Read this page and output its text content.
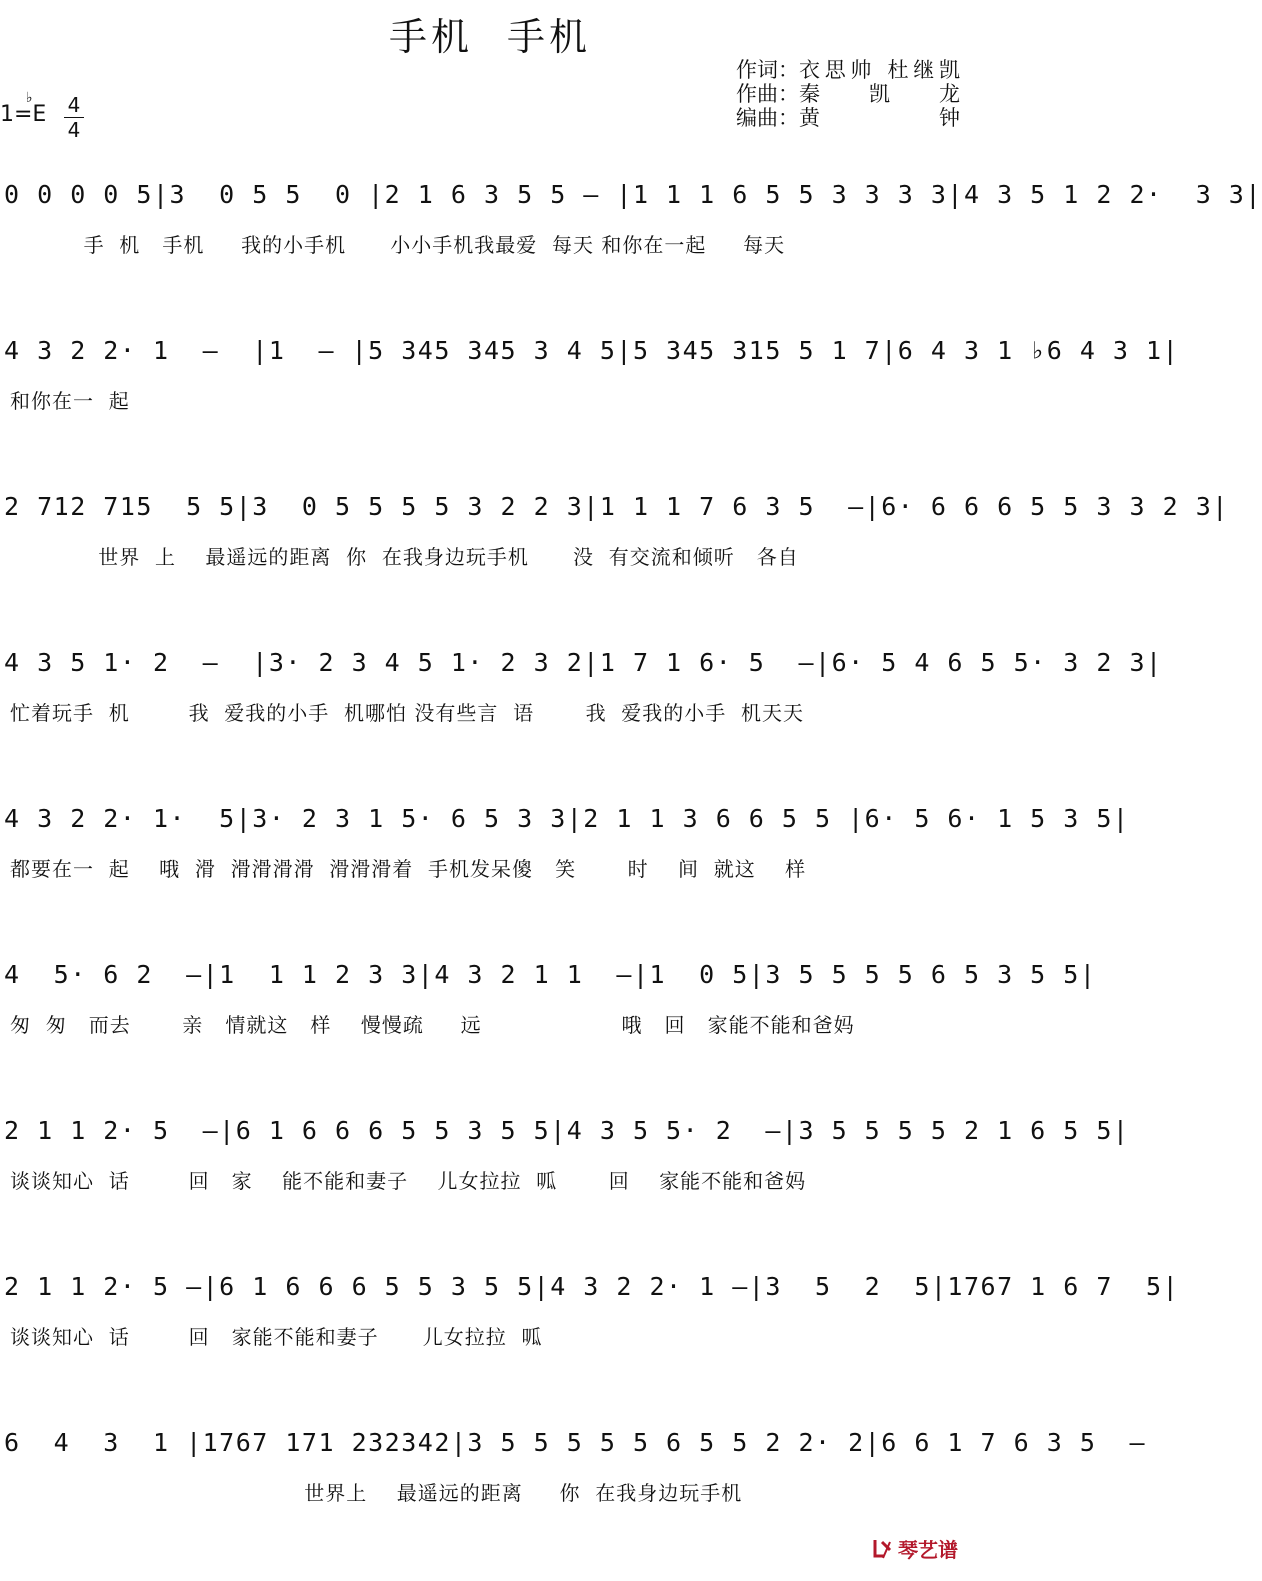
手机 手机
作词： 衣思帅 杜继凯
作曲： 秦凯龙
编曲： 黄钟
1=E
♭ 4
4
0 0 0 0 5|3  0 5 5  0 |2 1 6 3 5 5 – |1 1 1 6 5 5 3 3 3 3|4 3 5 1 2 2·  3 3|
手  机   手机     我的小手机      小小手机我最爱  每天 和你在一起     每天
4 3 2 2· 1  –  |1  – |5 345 345 3 4 5|5 345 315 5 1 7|6 4 3 1 ♭6 4 3 1|
和你在一  起
2 712 715  5 5|3  0 5 5 5 5 3 2 2 3|1 1 1 7 6 3 5  –|6· 6 6 6 5 5 3 3 2 3|
世界  上    最遥远的距离  你  在我身边玩手机      没  有交流和倾听   各自
4 3 5 1· 2  –  |3· 2 3 4 5 1· 2 3 2|1 7 1 6· 5  –|6· 5 4 6 5 5· 3 2 3|
忙着玩手  机        我  爱我的小手  机哪怕 没有些言  语       我  爱我的小手  机天天
4 3 2 2· 1·  5|3· 2 3 1 5· 6 5 3 3|2 1 1 3 6 6 5 5 |6· 5 6· 1 5 3 5|
都要在一  起    哦  滑  滑滑滑滑  滑滑滑着  手机发呆傻   笑       时    间  就这    样
4  5· 6 2  –|1  1 1 2 3 3|4 3 2 1 1  –|1  0 5|3 5 5 5 5 6 5 3 5 5|
匆  匆   而去       亲   情就这   样    慢慢疏     远                   哦   回   家能不能和爸妈
2 1 1 2· 5  –|6 1 6 6 6 5 5 3 5 5|4 3 5 5· 2  –|3 5 5 5 5 2 1 6 5 5|
谈谈知心  话        回   家    能不能和妻子    儿女拉拉  呱       回    家能不能和爸妈
2 1 1 2· 5 –|6 1 6 6 6 5 5 3 5 5|4 3 2 2· 1 –|3  5  2  5|1767 1 6 7  5|
谈谈知心  话        回   家能不能和妻子      儿女拉拉  呱
6  4  3  1 |1767 171 232342|3 5 5 5 5 5 6 5 5 2 2· 2|6 6 1 7 6 3 5  –
世界上    最遥远的距离     你  在我身边玩手机
琴艺谱
